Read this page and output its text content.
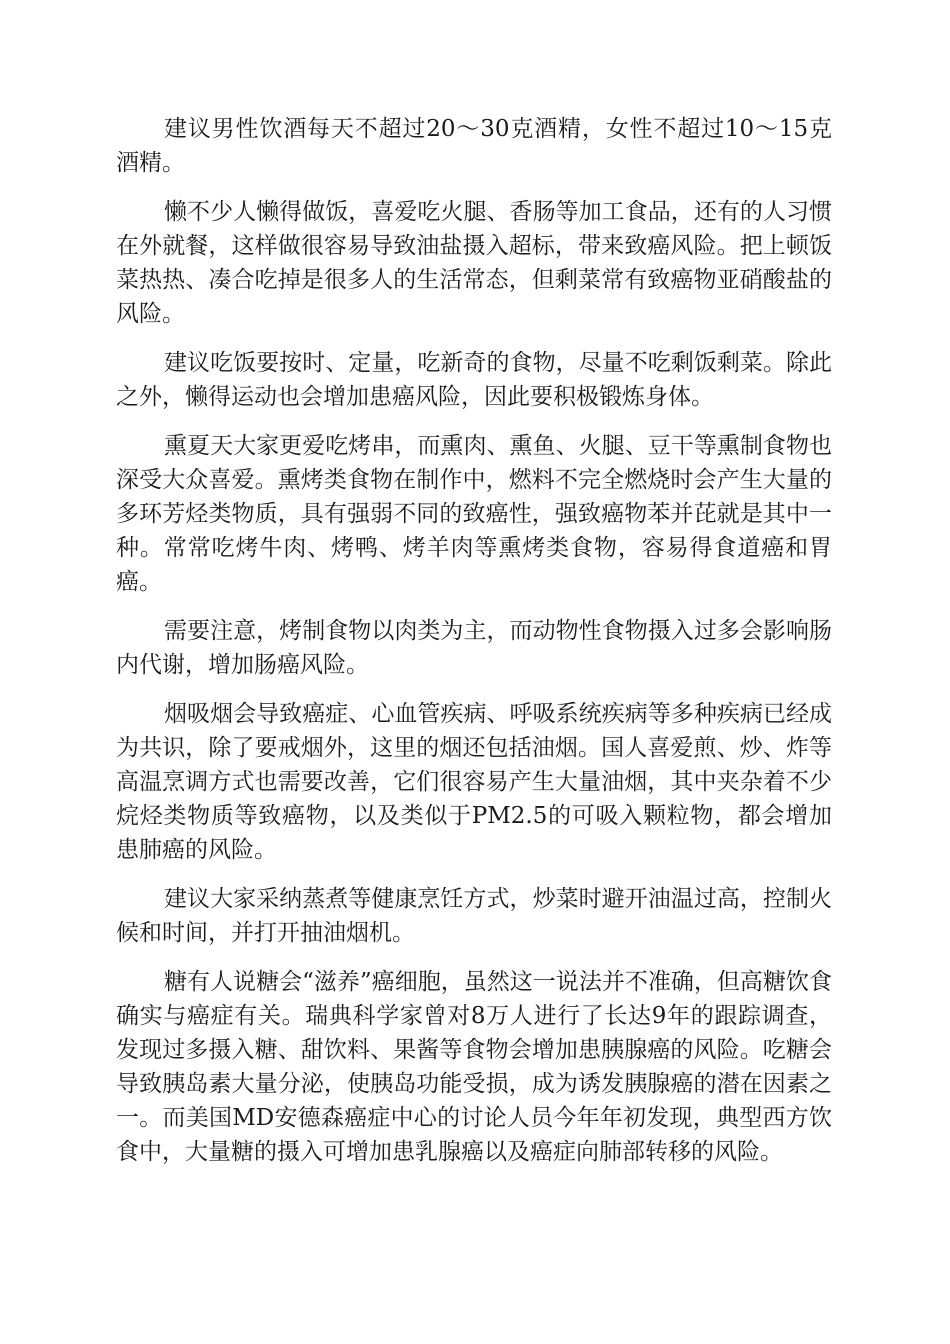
建议男性饮酒每天不超过20～30克酒精，女性不超过10～15克酒精。

懒不少人懒得做饭，喜爱吃火腿、香肠等加工食品，还有的人习惯在外就餐，这样做很容易导致油盐摄入超标，带来致癌风险。把上顿饭菜热热、凑合吃掉是很多人的生活常态，但剩菜常有致癌物亚硝酸盐的风险。

建议吃饭要按时、定量，吃新奇的食物，尽量不吃剩饭剩菜。除此之外，懒得运动也会增加患癌风险，因此要积极锻炼身体。

熏夏天大家更爱吃烤串，而熏肉、熏鱼、火腿、豆干等熏制食物也深受大众喜爱。熏烤类食物在制作中，燃料不完全燃烧时会产生大量的多环芳烃类物质，具有强弱不同的致癌性，强致癌物苯并芘就是其中一种。常常吃烤牛肉、烤鸭、烤羊肉等熏烤类食物，容易得食道癌和胃癌。

需要注意，烤制食物以肉类为主，而动物性食物摄入过多会影响肠内代谢，增加肠癌风险。

烟吸烟会导致癌症、心血管疾病、呼吸系统疾病等多种疾病已经成为共识，除了要戒烟外，这里的烟还包括油烟。国人喜爱煎、炒、炸等高温烹调方式也需要改善，它们很容易产生大量油烟，其中夹杂着不少烷烃类物质等致癌物，以及类似于PM2.5的可吸入颗粒物，都会增加患肺癌的风险。

建议大家采纳蒸煮等健康烹饪方式，炒菜时避开油温过高，控制火候和时间，并打开抽油烟机。

糖有人说糖会“滋养”癌细胞，虽然这一说法并不准确，但高糖饮食确实与癌症有关。瑞典科学家曾对8万人进行了长达9年的跟踪调查，发现过多摄入糖、甜饮料、果酱等食物会增加患胰腺癌的风险。吃糖会导致胰岛素大量分泌，使胰岛功能受损，成为诱发胰腺癌的潜在因素之一。而美国MD安德森癌症中心的讨论人员今年年初发现，典型西方饮食中，大量糖的摄入可增加患乳腺癌以及癌症向肺部转移的风险。
